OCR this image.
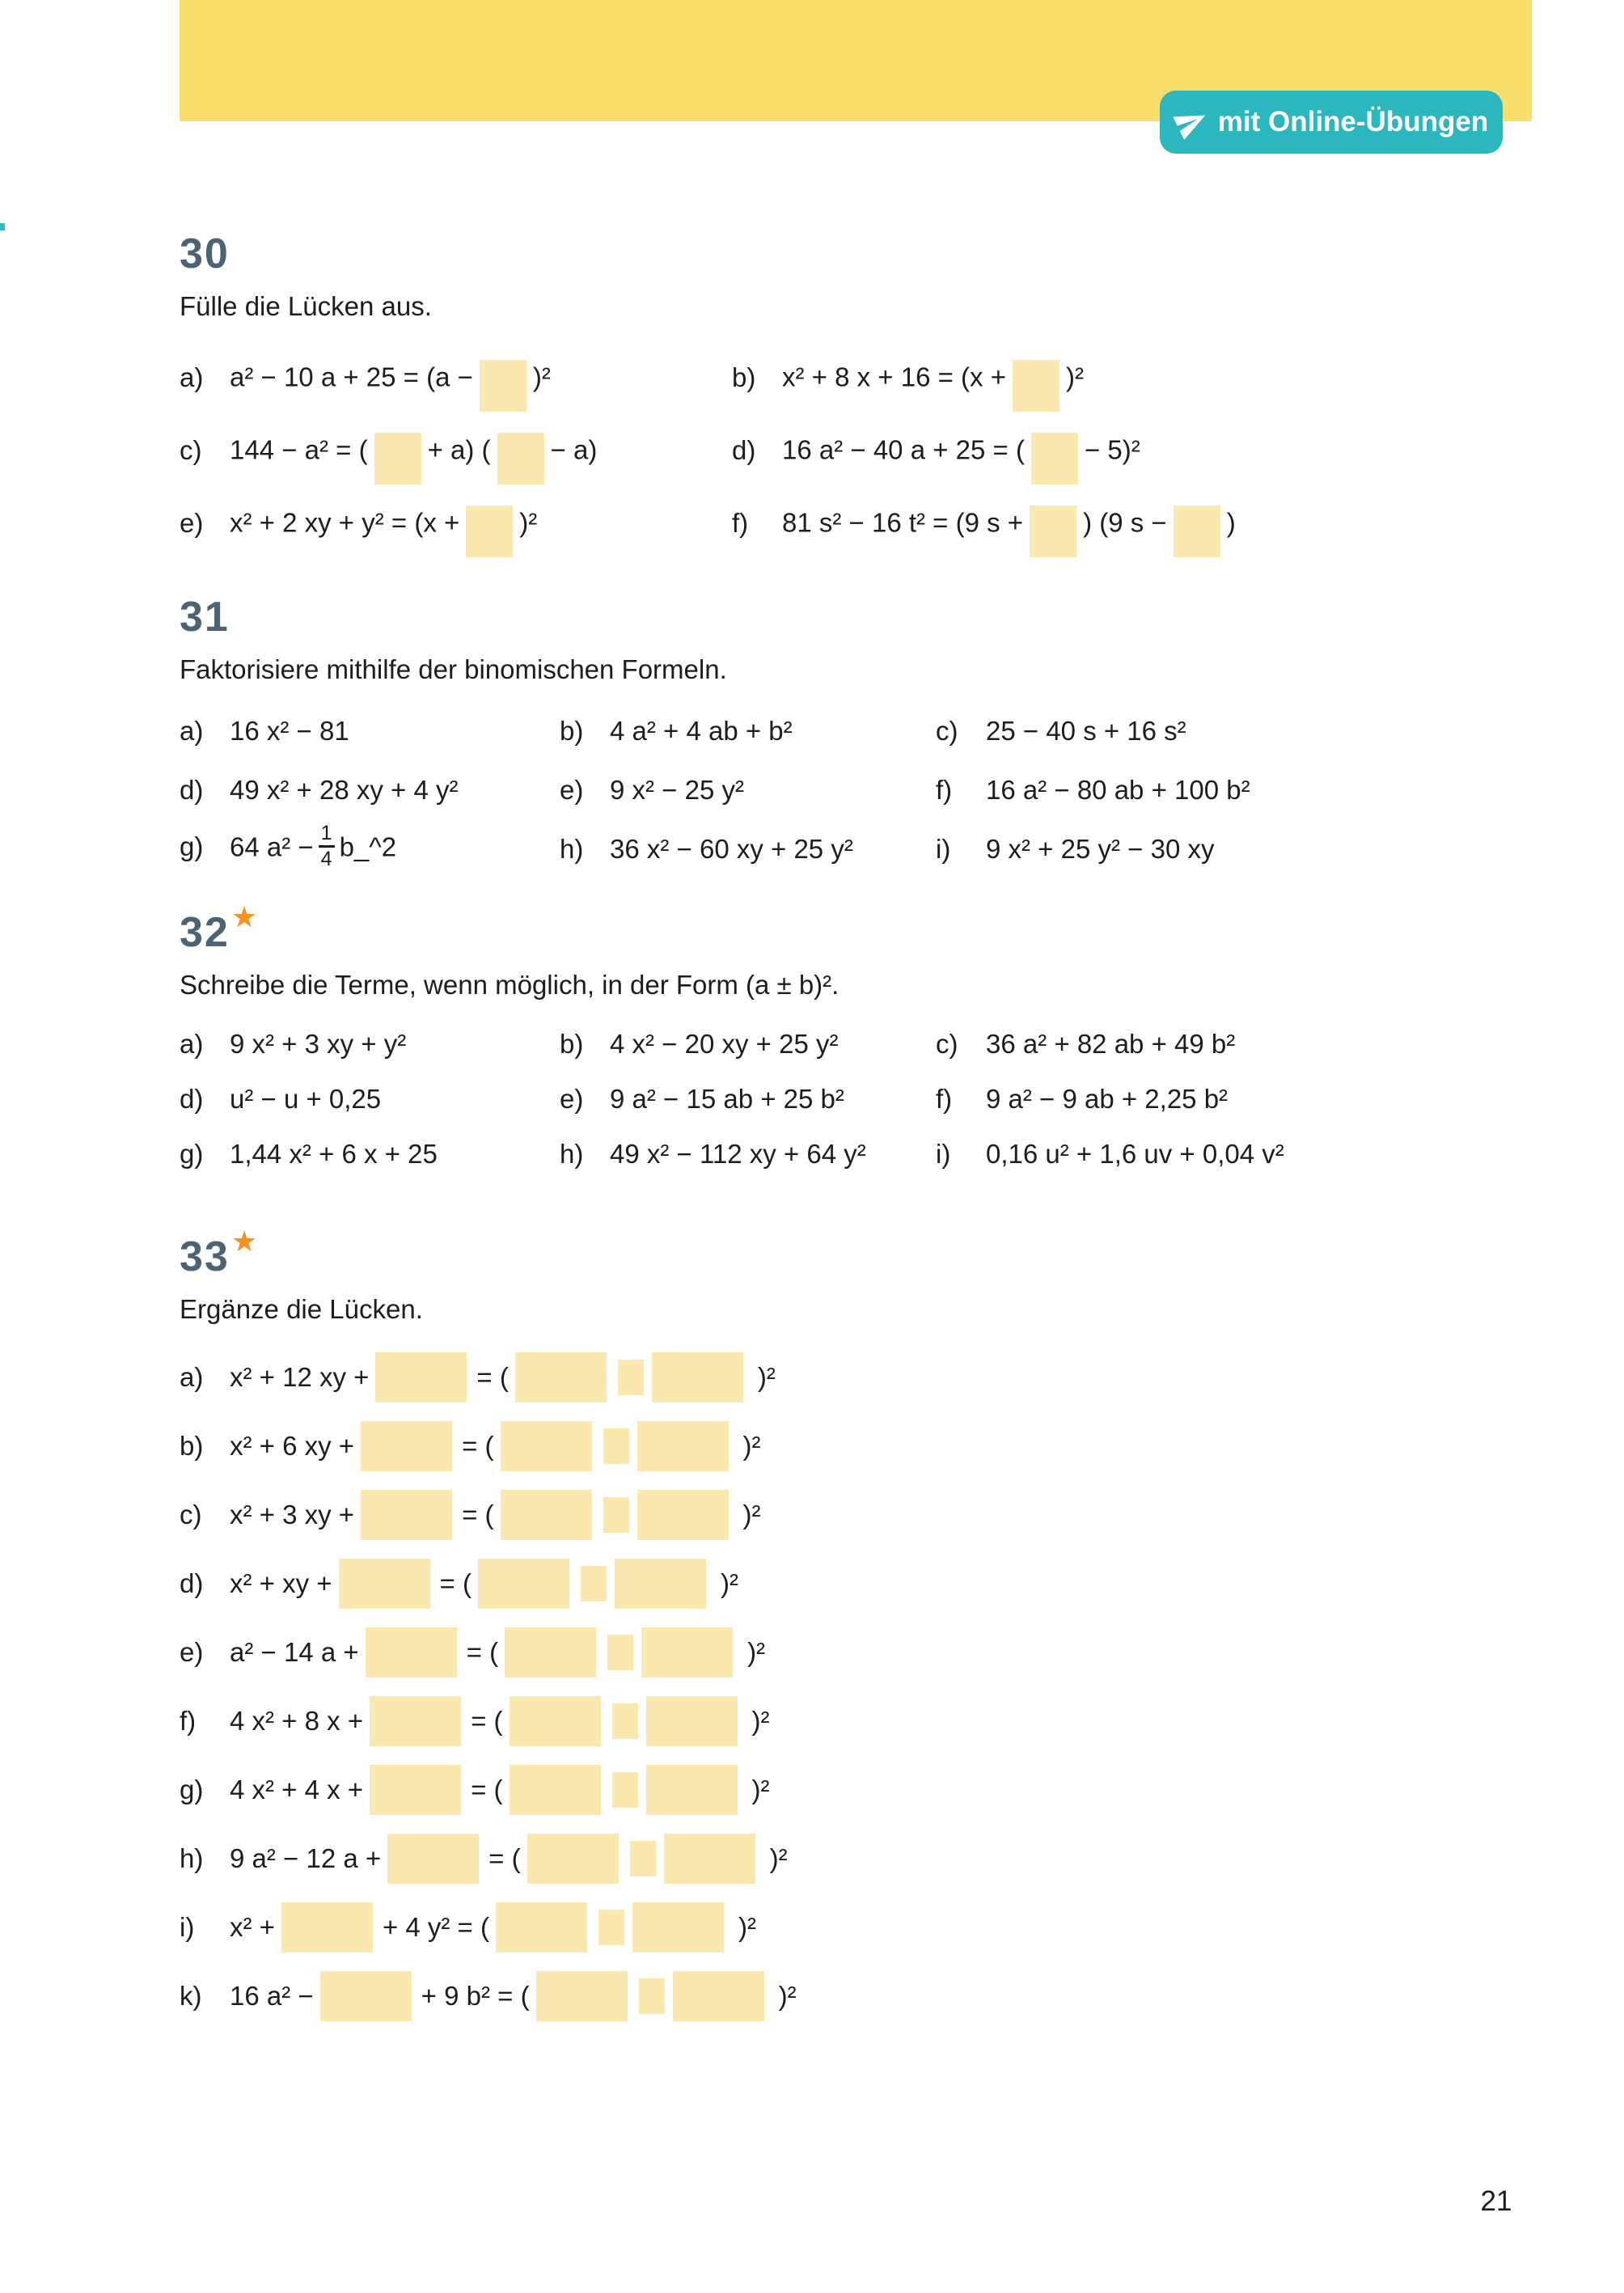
mit Online-Übungen
30
Fülle die Lücken aus.
a) a² − 10 a + 25 = (a − )²	b) x² + 8 x + 16 = (x + )²
c) 144 − a² = ( + a) ( − a)	d) 16 a² − 40 a + 25 = ( − 5)²
e) x² + 2 xy + y² = (x + )²	f) 81 s² − 16 t² = (9 s + ) (9 s − )
31
Faktorisiere mithilfe der binomischen Formeln.
a) 16 x² − 81	b) 4 a² + 4 ab + b²	c) 25 − 40 s + 16 s²
d) 49 x² + 28 xy + 4 y²	e) 9 x² − 25 y²	f) 16 a² − 80 ab + 100 b²
g) 64 $a^2 - \frac{1}{4}$ b_^2	h) 36 x² − 60 xy + 25 y²	i) 9 x² + 25 y² − 30 xy
32★
Schreibe die Terme, wenn möglich, in der Form (a ± b)².
a) 9 x² + 3 xy + y²	b) 4 x² − 20 xy + 25 y²	c) 36 a² + 82 ab + 49 b²
d) u² − u + 0,25	e) 9 a² − 15 ab + 25 b²	f) 9 a² − 9 ab + 2,25 b²
g) 1,44 x² + 6 x + 25	h) 49 x² − 112 xy + 64 y²	i) 0,16 u² + 1,6 uv + 0,04 v²
33★
Ergänze die Lücken.
a) x² + 12 xy +	= (	)²
b) x² + 6 xy +	= (	)²
c)	x² + 3 xy +	= (	)²
d) x² + xy +	= (	)²
e) a² − 14 a +	= (	)²
f)	4 x² + 8 x +	= (	)²
g) 4 x² + 4 x +	= (	)²
h) 9 a² − 12 a +	= (	)²
i)	x² +	+ 4 y² = (	)²
k)	16 a² −	+ 9 b² = (	)²
21
